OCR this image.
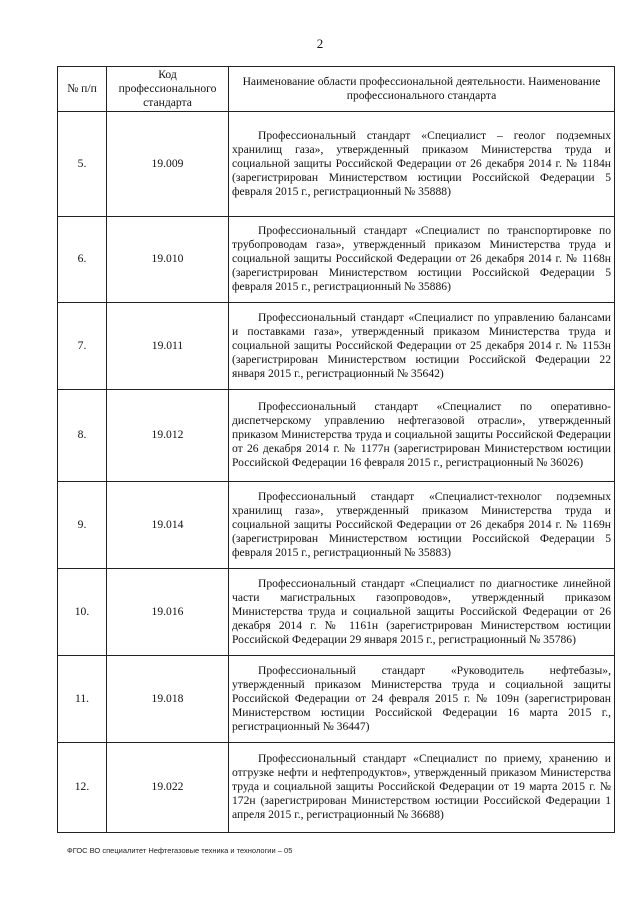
2
№ п/п	Код профессионального стандарта	Наименование области профессиональной деятельности. Наименование профессионального стандарта
5.	19.009	Профессиональный стандарт «Специалист – геолог подземных хранилищ газа», утвержденный приказом Министерства труда и социальной защиты Российской Федерации от 26 декабря 2014 г. № 1184н (зарегистрирован Министерством юстиции Российской Федерации 5 февраля 2015 г., регистрационный № 35888)
6.	19.010	Профессиональный стандарт «Специалист по транспортировке по трубопроводам газа», утвержденный приказом Министерства труда и социальной защиты Российской Федерации от 26 декабря 2014 г. № 1168н (зарегистрирован Министерством юстиции Российской Федерации 5 февраля 2015 г., регистрационный № 35886)
7.	19.011	Профессиональный стандарт «Специалист по управлению балансами и поставками газа», утвержденный приказом Министерства труда и социальной защиты Российской Федерации от 25 декабря 2014 г. № 1153н (зарегистрирован Министерством юстиции Российской Федерации 22 января 2015 г., регистрационный № 35642)
8.	19.012	Профессиональный стандарт «Специалист по оперативно-диспетчерскому управлению нефтегазовой отрасли», утвержденный приказом Министерства труда и социальной защиты Российской Федерации от 26 декабря 2014 г. № 1177н (зарегистрирован Министерством юстиции Российской Федерации 16 февраля 2015 г., регистрационный № 36026)
9.	19.014	Профессиональный стандарт «Специалист-технолог подземных хранилищ газа», утвержденный приказом Министерства труда и социальной защиты Российской Федерации от 26 декабря 2014 г. № 1169н (зарегистрирован Министерством юстиции Российской Федерации 5 февраля 2015 г., регистрационный № 35883)
10.	19.016	Профессиональный стандарт «Специалист по диагностике линейной части магистральных газопроводов», утвержденный приказом Министерства труда и социальной защиты Российской Федерации от 26 декабря 2014 г. № 1161н (зарегистрирован Министерством юстиции Российской Федерации 29 января 2015 г., регистрационный № 35786)
11.	19.018	Профессиональный стандарт «Руководитель нефтебазы», утвержденный приказом Министерства труда и социальной защиты Российской Федерации от 24 февраля 2015 г. № 109н (зарегистрирован Министерством юстиции Российской Федерации 16 марта 2015 г., регистрационный № 36447)
12.	19.022	Профессиональный стандарт «Специалист по приему, хранению и отгрузке нефти и нефтепродуктов», утвержденный приказом Министерства труда и социальной защиты Российской Федерации от 19 марта 2015 г. № 172н (зарегистрирован Министерством юстиции Российской Федерации 1 апреля 2015 г., регистрационный № 36688)
ФГОС ВО специалитет Нефтегазовые техника и технологии – 05
